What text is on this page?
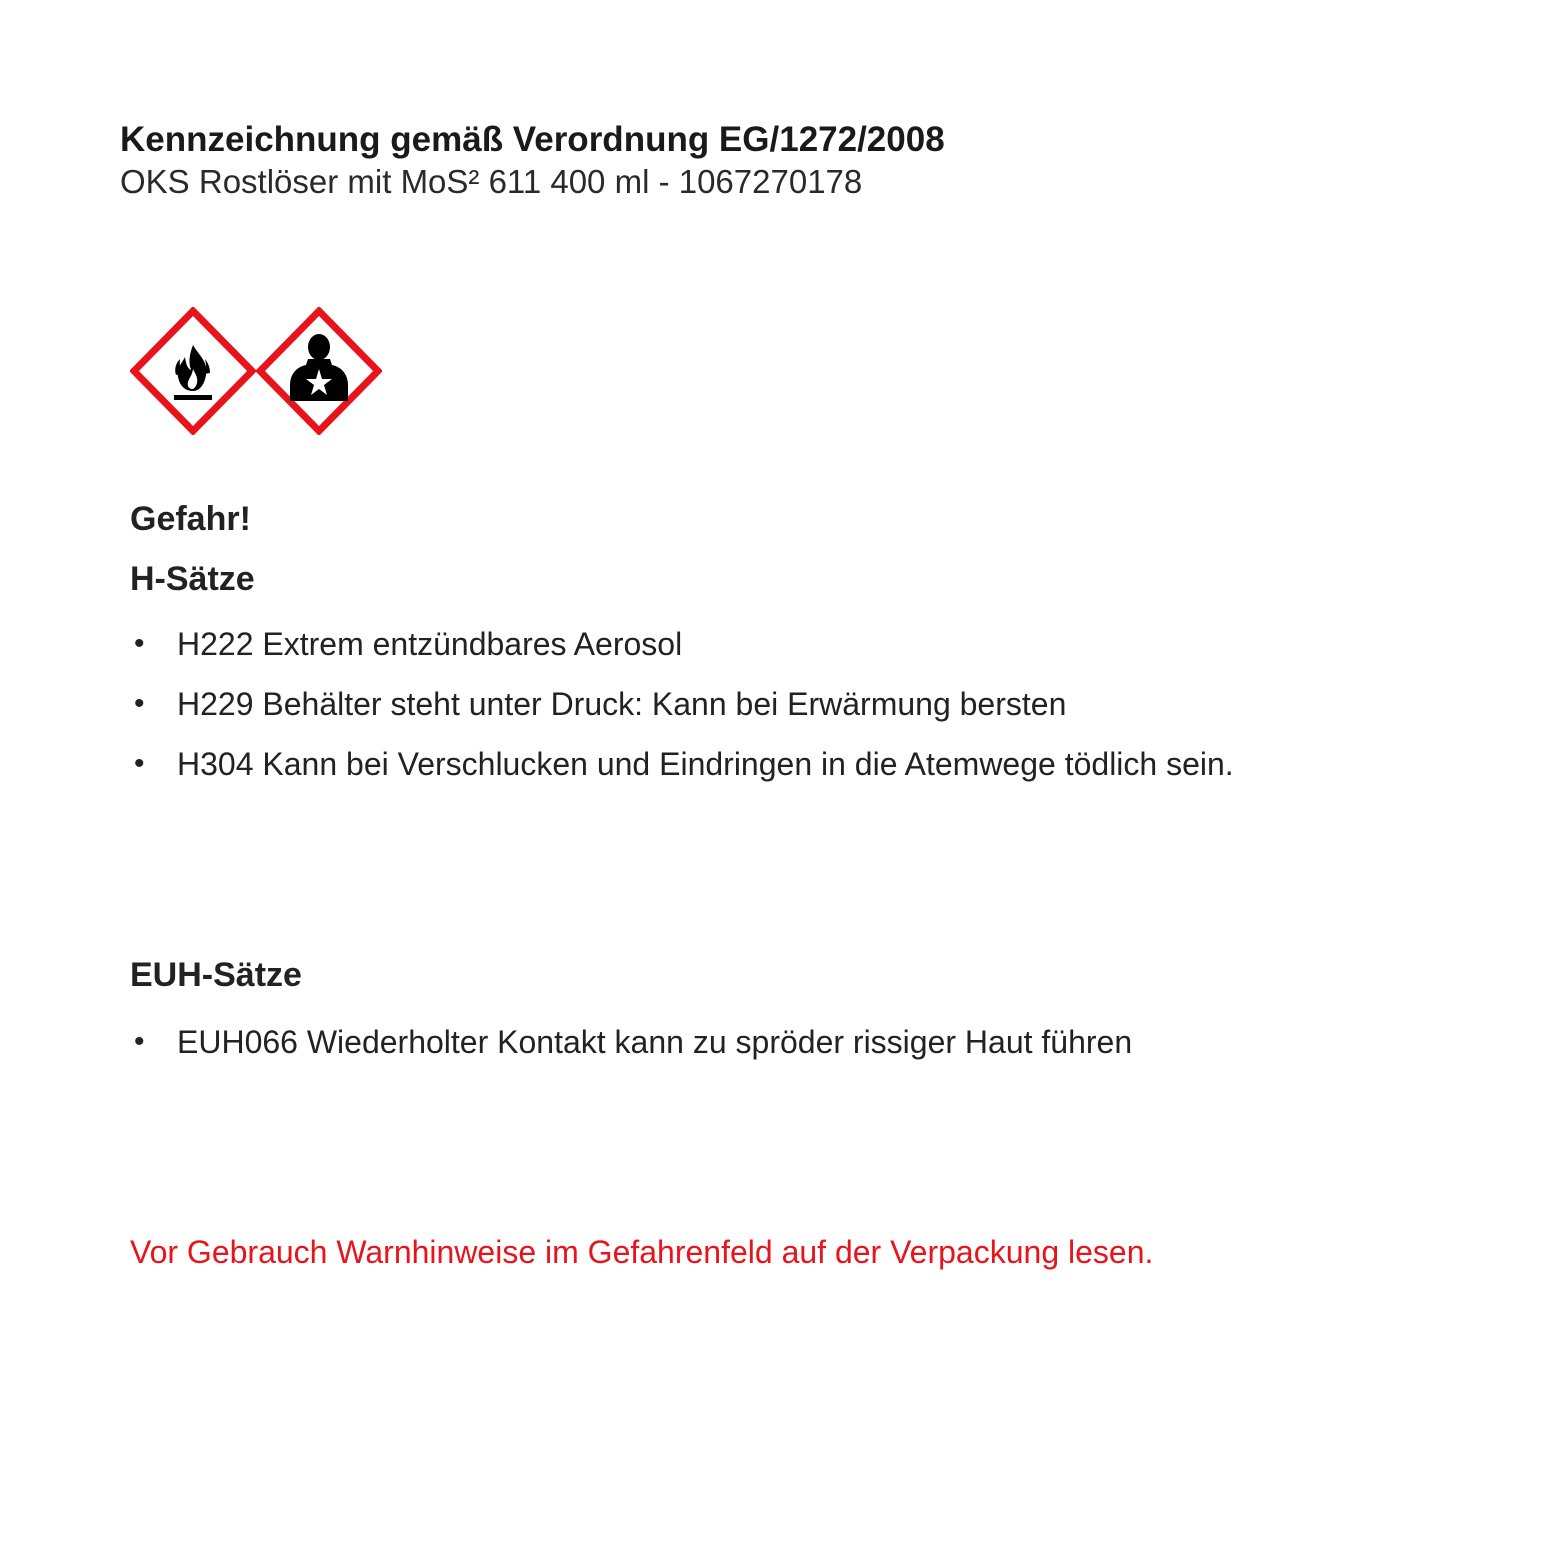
Kennzeichnung gemäß Verordnung EG/1272/2008
OKS Rostlöser mit MoS² 611 400 ml - 1067270178
Gefahr!
H-Sätze
• H222 Extrem entzündbares Aerosol
• H229 Behälter steht unter Druck: Kann bei Erwärmung bersten
• H304 Kann bei Verschlucken und Eindringen in die Atemwege tödlich sein.
EUH-Sätze
• EUH066 Wiederholter Kontakt kann zu spröder rissiger Haut führen
Vor Gebrauch Warnhinweise im Gefahrenfeld auf der Verpackung lesen.
